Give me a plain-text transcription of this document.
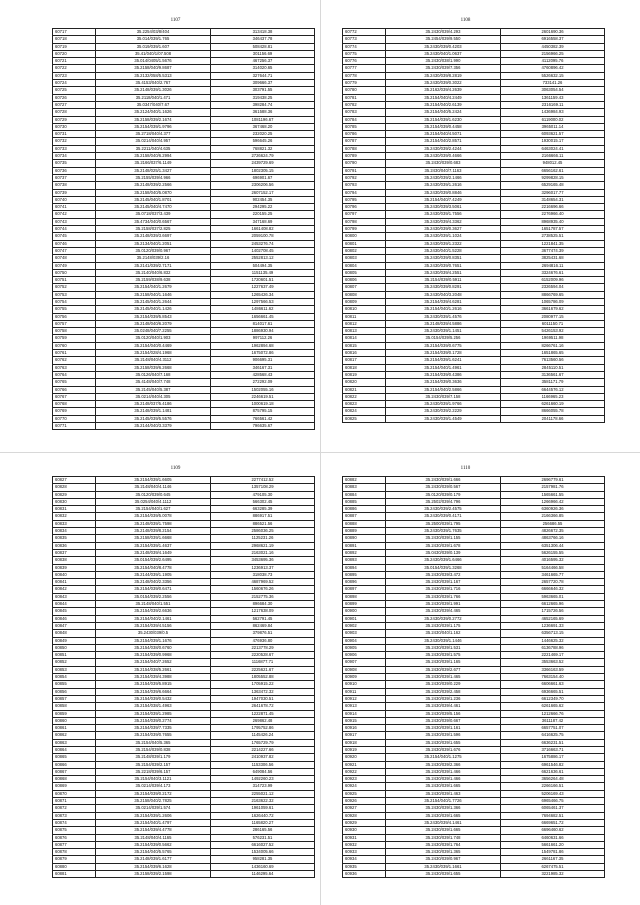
1107
60717	35.2254/03/8/404	313418.38
60718	35.014/039/1.765	346437.78
60719	35.019/039/1.607	508428.81
60720	35.41/040/1/07.508	301156.69
60721	35.014/0405/1.5676	467256.37
60722	35.2158/040/9.8687	314020.65
60723	35.2132/058/5.5313	327644.71
60724	35.4153/040/2.767	309666.37
60725	35.2148/039/1.3026	303791.55
60726	35.2118/040/1.471	319438.25
60727	35.0347/040/7.67	398284.74
60728	35.2124/040/1.1626	361588.36
60729	35.2158/039/2.1674	1081196.67
60730	35.2154/039/1.9796	367468.20
60731	35.2718/040/4.377	232020.25
60732	35.0214/040/4.957	596645.26
60733	35.2211/040/4.635	768821.32
60734	35.2158/040/6.2994	2726624.79
60735	35.2166/037/6.1149	2439729.69
60736	35.2148/025/1.3427	1802305.15
60737	35.2155/039/4.966	696901.67
60738	35.2148/039/2.2566	2306206.56
60739	35.2158/040/5.0870	2607152.17
60740	35.2145/040/1.8701	902454.35
60741	35.2145/040/4.7470	294295.22
60742	35.0718/037/3.439	220155.25
60743	35.4734/040/0.6567	347168.69
60744	35.2158/037/2.825	1661408.82
60745	35.2148/039/3.6697	2059100.78
60746	35.2134/040/1.2051	2453276.74
60747	35.0120/039/0.967	1402708.45
60748	35.2148/039/2.16	2552813.12
60749	35.2141/039/2.7171	504494.35
60750	35.2140/040/6.832	1151135.49
60751	35.2159/038/9.638	1720601.51
60752	35.2154/040/1.2679	1227637.49
60753	35.2158/040/1.1646	1265426.34
60754	35.2145/040/1.2644	1297566.53
60755	35.2145/040/1.1426	1486611.62
60756	35.2154/039/5.8543	1656661.45
60757	35.2148/040/6.2079	814017.61
60758	35.0248/040/7.2255	1886930.94
60759	35.0120/040/1.903	997112.26
60760	35.2154/040/0.4469	1962894.68
60761	35.2154/028/4.1968	1675072.86
60762	35.2148/040/4.3112	906695.31
60763	35.2158/039/6.2668	346167.31
60764	35.0126/040/7.168	428568.43
60765	35.4148/040/7.748	272292.09
60766	35.2145/040/5.387	1502055.16
60767	35.0214/040/4.305	2246619.51
60768	35.2148/037/5.4186	1000619.18
60769	35.2148/039/1.1481	875795.15
60770	35.2145/039/5.5576	766561.42
60771	35.2144/040/3.3379	796635.67
1108
60772	35.2430/039/4.293	2601690.36
60773	35.2454/039/9.550	6916558.37
60774	35.2430/039/0.4203	4450382.39
60775	35.2430/040/1.0637	2156966.25
60776	35.2430/038/1.990	4112095.76
60777	35.2430/039/7.356	4760896.42
60778	35.2430/039/8.2819	5526632.15
60779	35.2430/039/0.3022	733141.26
60780	35.2162/039/4.2639	3063054.54
60781	35.2154/040/4.2449	1361159.43
60782	35.2154/040/2.6139	2316169.11
60783	35.2154/040/5.2424	1436984.93
60784	35.2154/039/1.6230	6119000.02
60785	35.2154/039/0.4458	3965011.14
60786	35.2154/040/4.5071	6093621.57
60787	35.2154/040/2.8571	1930015.17
60788	35.2430/039/2.4244	6463024.41
60789	35.2430/039/0.4666	2166666.11
60790	35.2430/039/0.683	948012.45
60791	35.2430/040/7.1163	6656162.61
60792	35.2430/039/2.1466	9299828.15
60793	35.2430/039/1.2616	6529165.48
60794	35.2430/039/0.8846	3296017.77
60795	35.2154/040/7.4249	3148654.31
60796	35.2430/039/3.5061	2216696.66
60797	35.2430/039/1.7556	2276966.40
60798	35.2430/039/4.3362	8968935.40
60799	35.2430/039/0.3627	1651787.57
60800	35.2430/039/1.1024	2738525.51
60801	35.2430/039/1.2322	1221841.35
60802	35.2430/040/1.5228	3677474.39
60803	35.2430/039/0.8351	3825431.68
60804	35.2430/039/0.7651	2694816.11
60805	35.2430/039/4.2551	3324676.61
60806	35.2154/039/0.5911	6152009.96
60807	35.2430/039/0.8291	2326594.04
60808	35.2430/040/3.2048	8866769.65
60809	35.2154/039/4.6281	1065786.09
60810	35.2154/040/1.2616	3661679.62
60811	35.2430/039/1.4576	2080977.15
60812	35.2148/039/4.5886	6011150.71
60813	35.2430/039/1.1451	5426153.92
60814	35.0154/039/5.256	1969511.98
60815	35.2154/039/0.6775	8266761.16
60816	35.2154/039/0.1728	1651865.65
60817	35.2154/039/1.6241	7613560.56
60818	35.2154/040/1.4961	2845110.51
60819	35.2154/039/0.4386	3136561.67
60820	35.2154/039/0.3636	3581171.79
60821	35.2154/040/2.5866	6644576.12
60822	35.2430/039/7.158	1166965.23
60823	35.2430/039/1.9766	6261660.19
60824	35.2430/039/2.2229	8666055.78
60825	35.2430/039/1.4549	2041178.66
1109
60827	35.2154/039/1.6605	2277412.52
60828	35.2148/040/4.1146	1357108.29
60829	35.0120/039/0.645	479105.30
60830	35.0254/040/4.1112	566302.45
60831	35.2154/040/1.627	663285.39
60832	35.2154/039/5.0078	886917.51
60833	35.2148/039/1.7598	886521.56
60834	35.2148/039/8.2154	2586036.25
60835	35.2158/039/1.6668	1125231.26
60836	35.2154/039/1.4637	2968621.19
60837	35.2148/039/4.1649	2163021.16
60838	35.0154/039/2.6495	3453695.36
60839	35.2154/040/8.4778	1236913.37
60840	35.2144/039/1.1905	318038.73
60841	35.2148/040/2.3356	4687969.52
60842	35.2154/039/0.6471	1560676.26
60843	35.0154/039/2.2556	2152775.36
60844	35.2148/040/1.551	896684.30
60845	35.2154/039/2.6636	1217638.09
60846	35.2154/040/2.1461	562791.45
60847	35.2154/039/4.5156	862469.84
60848	35.2430/039/0.5	379876.51
60849	35.2154/039/1.1676	476936.80
60850	35.2154/038/0.6760	2213778.29
60851	35.2154/039/0.9968	2220528.67
60852	35.2154/040/7.2652	1116877.71
60853	35.2154/038/5.2661	2225621.67
60854	35.2154/039/4.3988	1805552.88
60855	35.2154/039/5.8915	1705915.22
60856	35.2154/039/6.6664	1363472.32
60857	35.2154/039/0.5432	1947030.51
60858	35.2154/038/1.4963	2641678.72
60859	35.2154/039/1.2985	1222871.45
60860	35.2154/039/0.2774	269862.48
60861	35.2154/039/7.7335	1795752.86
60862	35.2154/039/0.7655	1145426.24
60863	35.2154/040/5.365	1765729.79
60864	35.2154/039/0.838	2214227.66
60865	35.2148/039/1.179	2410937.82
60866	35.2154/039/2.157	1153306.56
60867	35.2218/039/6.157	649084.56
60868	35.2154/040/3.1121	1492260.23
60869	35.0214/039/4.173	314723.99
60870	35.2154/039/0.2172	2255021.12
60871	35.2158/040/2.7825	2163622.32
60872	35.0214/039/1.574	1961059.61
60873	35.2154/039/1.2606	1626440.72
60874	35.2154/040/1.4797	1165820.27
60875	35.2154/039/4.4778	286165.56
60876	35.2148/040/4.1165	576231.51
60877	35.2154/039/0.5662	6616027.52
60878	35.2154/040/5.5765	1534005.66
60879	35.2148/039/1.6177	958281.35
60880	35.2154/039/6.1628	1436160.69
60881	35.2158/039/2.1598	1146295.64
1110
60882	35.2430/039/1.666	2696779.61
60883	35.2430/039/0.567	2157981.76
60884	35.0120/039/0.179	1565661.55
60885	35.2502/039/4.796	1266966.42
60886	35.2430/039/2.4575	6360926.36
60887	35.2430/039/0.4171	2166366.85
60888	35.2500/039/1.795	256686.55
60889	35.2430/039/1.7635	4826672.35
60890	35.2430/039/1.155	4863766.16
60891	35.2430/039/1.678	6351306.44
60892	35.0430/039/0.139	5626155.55
60893	35.2430/039/1.6466	4016595.32
60894	35.0154/039/1.3268	5164466.58
60895	35.2430/039/3.472	3461665.77
60896	35.2430/039/1.167	2657720.78
60897	35.2430/039/1.716	6666646.32
60898	35.2430/039/1.766	5963665.01
60899	35.2430/039/1.991	6612665.96
60900	35.2430/039/4.465	1715726.56
60901	35.2430/039/0.2772	4652165.69
60902	35.2430/039/1.175	1236691.33
60903	35.2430/040/1.162	6356713.15
60904	35.2430/039/1.1446	1446625.32
60905	35.2430/039/1.531	6136788.96
60906	35.2430/039/1.575	2221469.17
60907	35.2430/039/1.165	3553663.52
60908	35.2430/039/2.677	3366163.59
60909	35.2430/039/1.465	7663154.40
60910	35.2430/039/0.229	6606661.63
60911	35.2430/039/2.458	6936665.51
60912	35.2430/039/1.236	6612349.70
60913	35.2430/039/4.461	6261665.62
60914	35.2430/039/5.156	1212666.76
60915	35.2430/039/0.667	3611187.42
60916	35.2430/039/1.161	6657751.07
60917	35.2430/039/1.596	6416625.75
60918	35.2430/039/1.655	6636231.51
60919	35.2430/039/1.676	3716663.71
60920	35.2154/040/1.1275	1675886.17
60921	35.2430/039/2.366	6961546.82
60922	35.2430/039/1.466	6621636.61
60923	35.2430/039/1.466	3656264.48
60924	35.2430/039/1.665	2266166.51
60925	35.2430/039/1.463	5206169.43
60926	35.2154/040/1.7726	6965466.75
60927	35.2430/039/1.366	6065461.37
60928	35.2430/039/1.665	7694682.51
60929	35.2430/039/4.1461	6669651.72
60930	35.2430/039/1.665	6696460.62
60931	35.2430/039/1.748	6460631.66
60932	35.2430/039/1.764	5661661.20
60933	35.2430/039/1.365	1549781.86
60934	35.2430/039/0.967	2661167.35
60935	35.2430/039/1.1661	6267475.51
60936	35.2430/039/1.655	3221985.32
